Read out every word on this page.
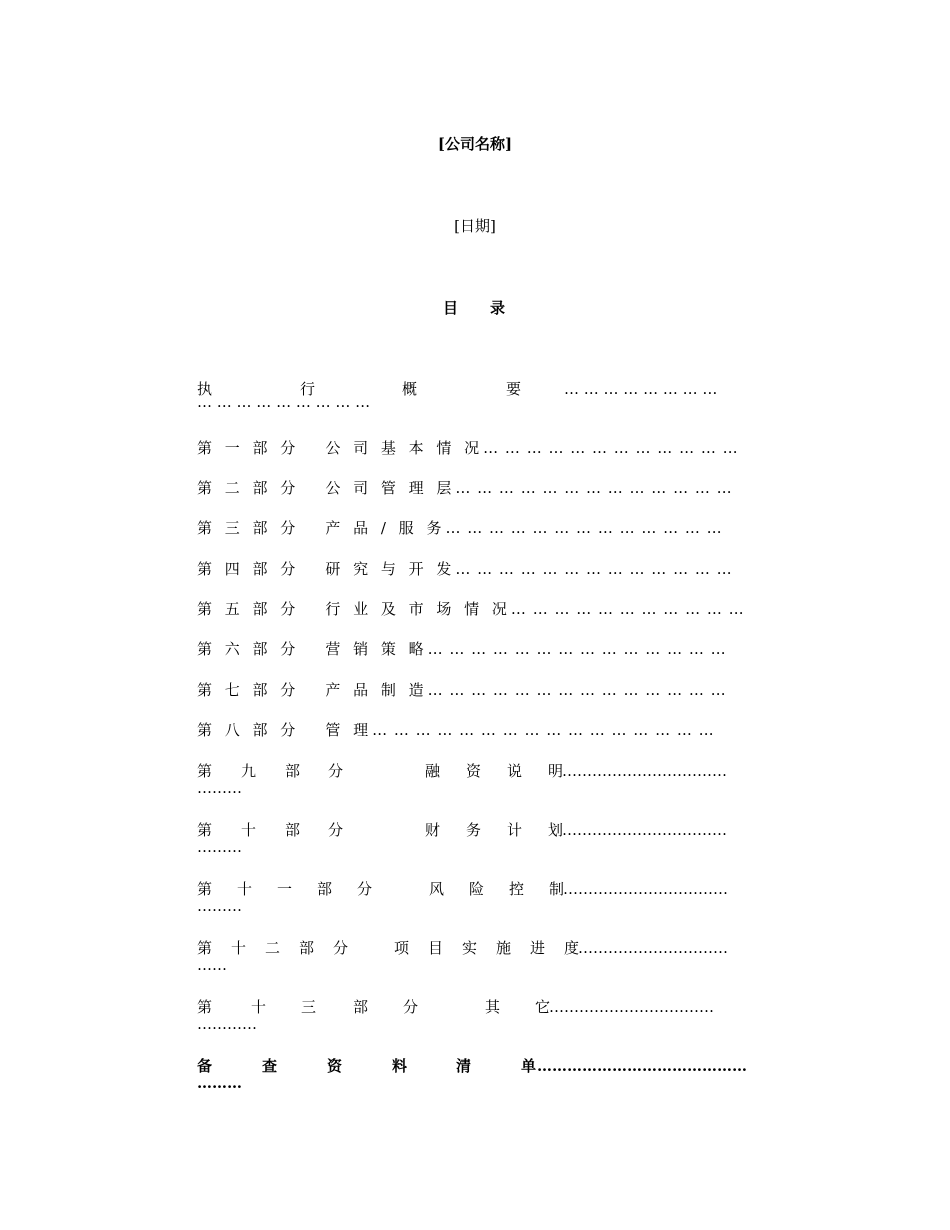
[公司名称]
[日期]
目 录
执	行	概	要	… … … … … … … …
… … … … … … … … …
第 一 部 分 公 司 基 本 情 况… … … … … … … … … … … …
第 二 部 分 公 司 管 理 层… … … … … … … … … … … … …
第 三 部 分 产 品 / 服 务… … … … … … … … … … … … …
第 四 部 分 研 究 与 开 发… … … … … … … … … … … … …
第 五 部 分 行 业 及 市 场 情 况… … … … … … … … … … …
第 六 部 分 营 销 策 略… … … … … … … … … … … … … …
第 七 部 分 产 品 制 造… … … … … … … … … … … … … …
第 八 部 分 管 理… … … … … … … … … … … … … … … …
第	九	部	分	融	资	说	明
……………………………
………
第	十	部	分	财	务	计	划
……………………………
………
第	十	一	部	分	风	险	控	制
……………………………
………
第	十	二	部	分	项	目	实	施	进	度
…………………………
……
第	十	三	部	分	其	它
……………………………
…………
备	查	资	料	清	单 ……………………………………
………
